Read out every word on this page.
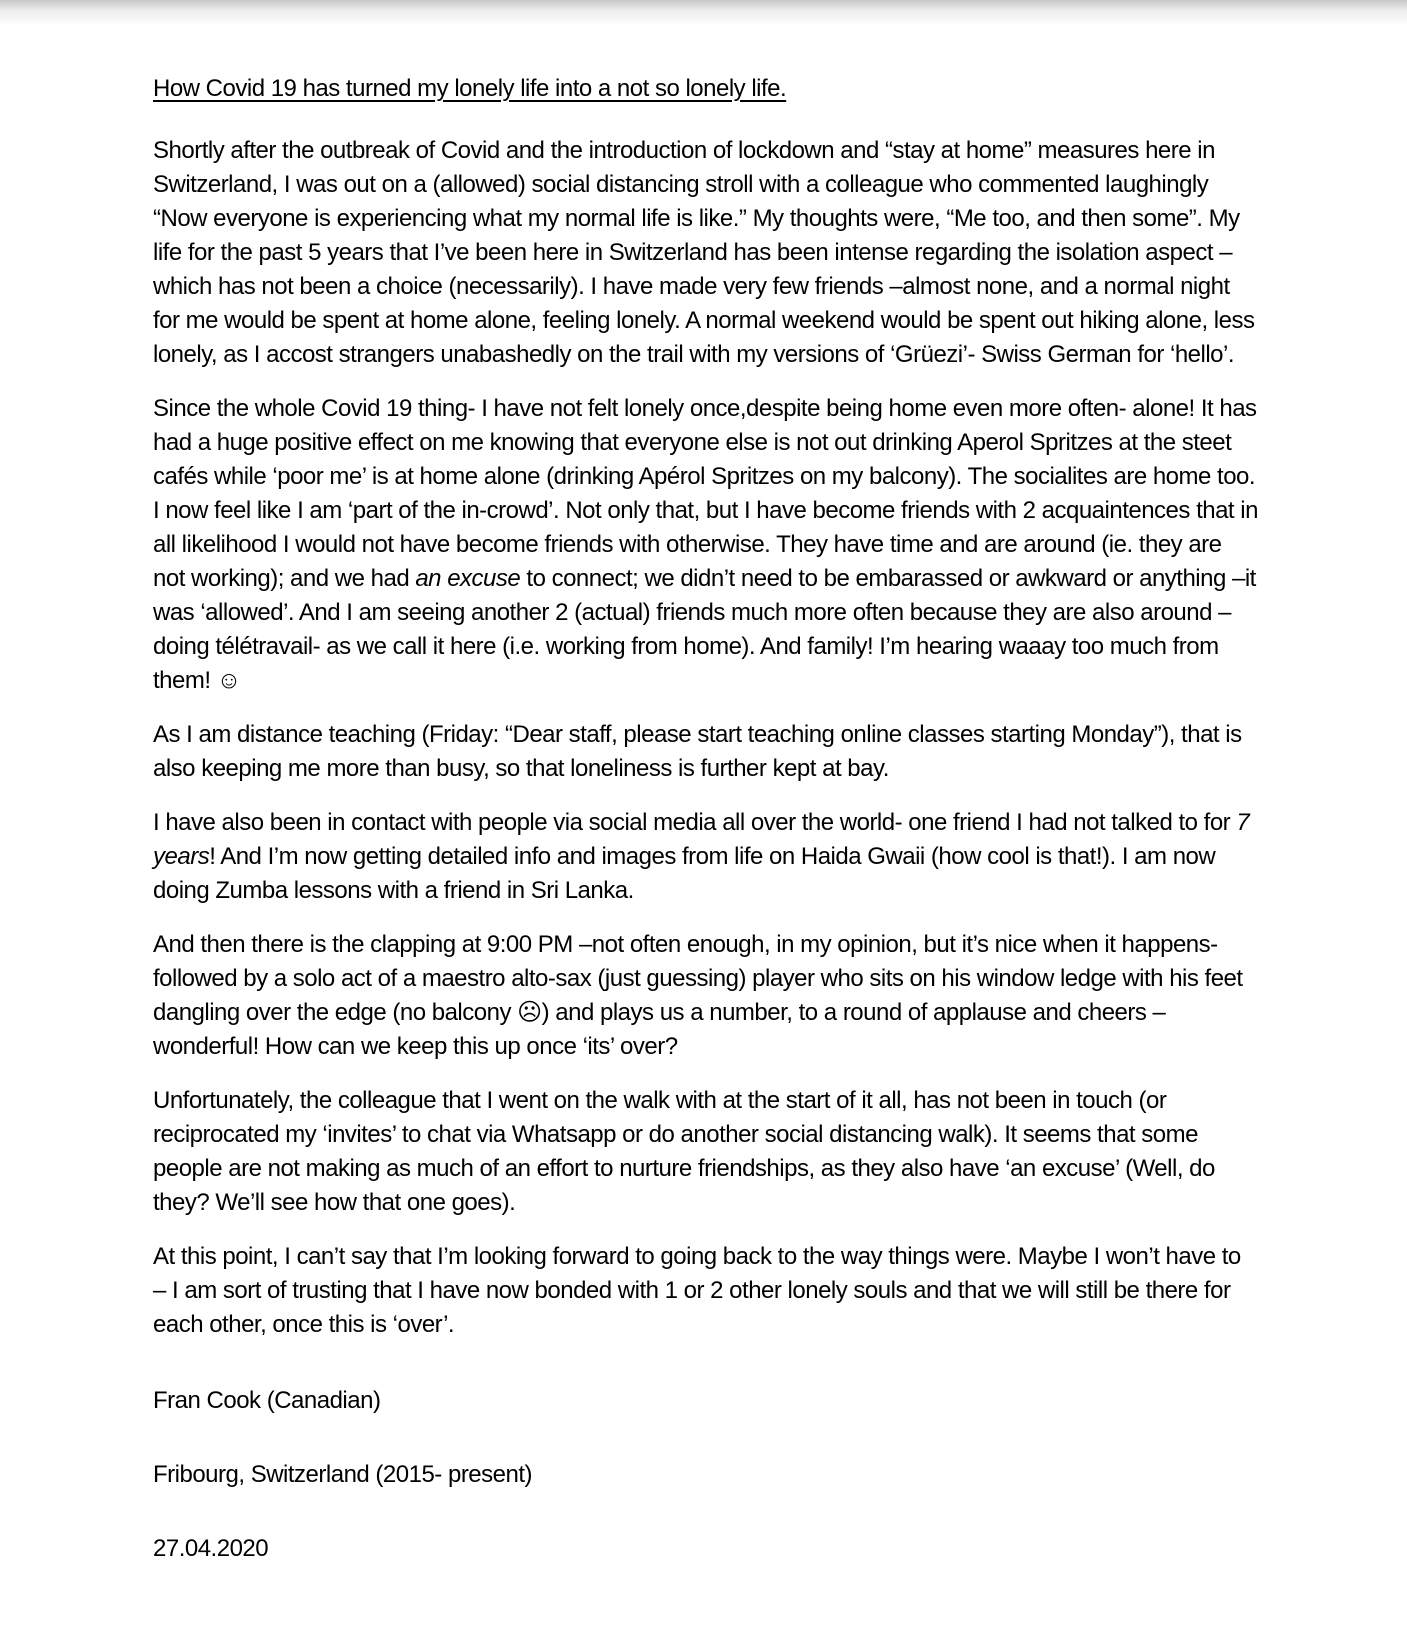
How Covid 19 has turned my lonely life into a not so lonely life.

Shortly after the outbreak of Covid and the introduction of lockdown and “stay at home” measures here in Switzerland, I was out on a (allowed) social distancing stroll with a colleague who commented laughingly “Now everyone is experiencing what my normal life is like.” My thoughts were, “Me too, and then some”. My life for the past 5 years that I’ve been here in Switzerland has been intense regarding the isolation aspect –which has not been a choice (necessarily). I have made very few friends –almost none, and a normal night for me would be spent at home alone, feeling lonely. A normal weekend would be spent out hiking alone, less lonely, as I accost strangers unabashedly on the trail with my versions of ‘Grüezi’- Swiss German for ‘hello’.

Since the whole Covid 19 thing- I have not felt lonely once,despite being home even more often- alone! It has had a huge positive effect on me knowing that everyone else is not out drinking Aperol Spritzes at the steet cafés while ‘poor me’ is at home alone (drinking Apérol Spritzes on my balcony). The socialites are home too. I now feel like I am ‘part of the in-crowd’. Not only that, but I have become friends with 2 acquaintences that in all likelihood I would not have become friends with otherwise. They have time and are around (ie. they are not working); and we had an excuse to connect; we didn’t need to be embarassed or awkward or anything –it was ‘allowed’. And I am seeing another 2 (actual) friends much more often because they are also around – doing télétravail- as we call it here (i.e. working from home). And family! I’m hearing waaay too much from them! ☺

As I am distance teaching (Friday: “Dear staff, please start teaching online classes starting Monday”), that is also keeping me more than busy, so that loneliness is further kept at bay.

I have also been in contact with people via social media all over the world- one friend I had not talked to for 7 years! And I’m now getting detailed info and images from life on Haida Gwaii (how cool is that!). I am now doing Zumba lessons with a friend in Sri Lanka.

And then there is the clapping at 9:00 PM –not often enough, in my opinion, but it’s nice when it happens- followed by a solo act of a maestro alto-sax (just guessing) player who sits on his window ledge with his feet dangling over the edge (no balcony ☹) and plays us a number, to a round of applause and cheers – wonderful! How can we keep this up once ‘its’ over?

Unfortunately, the colleague that I went on the walk with at the start of it all, has not been in touch (or reciprocated my ‘invites’ to chat via Whatsapp or do another social distancing walk). It seems that some people are not making as much of an effort to nurture friendships, as they also have ‘an excuse’ (Well, do they? We’ll see how that one goes).

At this point, I can’t say that I’m looking forward to going back to the way things were. Maybe I won’t have to – I am sort of trusting that I have now bonded with 1 or 2 other lonely souls and that we will still be there for each other, once this is ‘over’.

Fran Cook (Canadian)

Fribourg, Switzerland (2015- present)

27.04.2020
